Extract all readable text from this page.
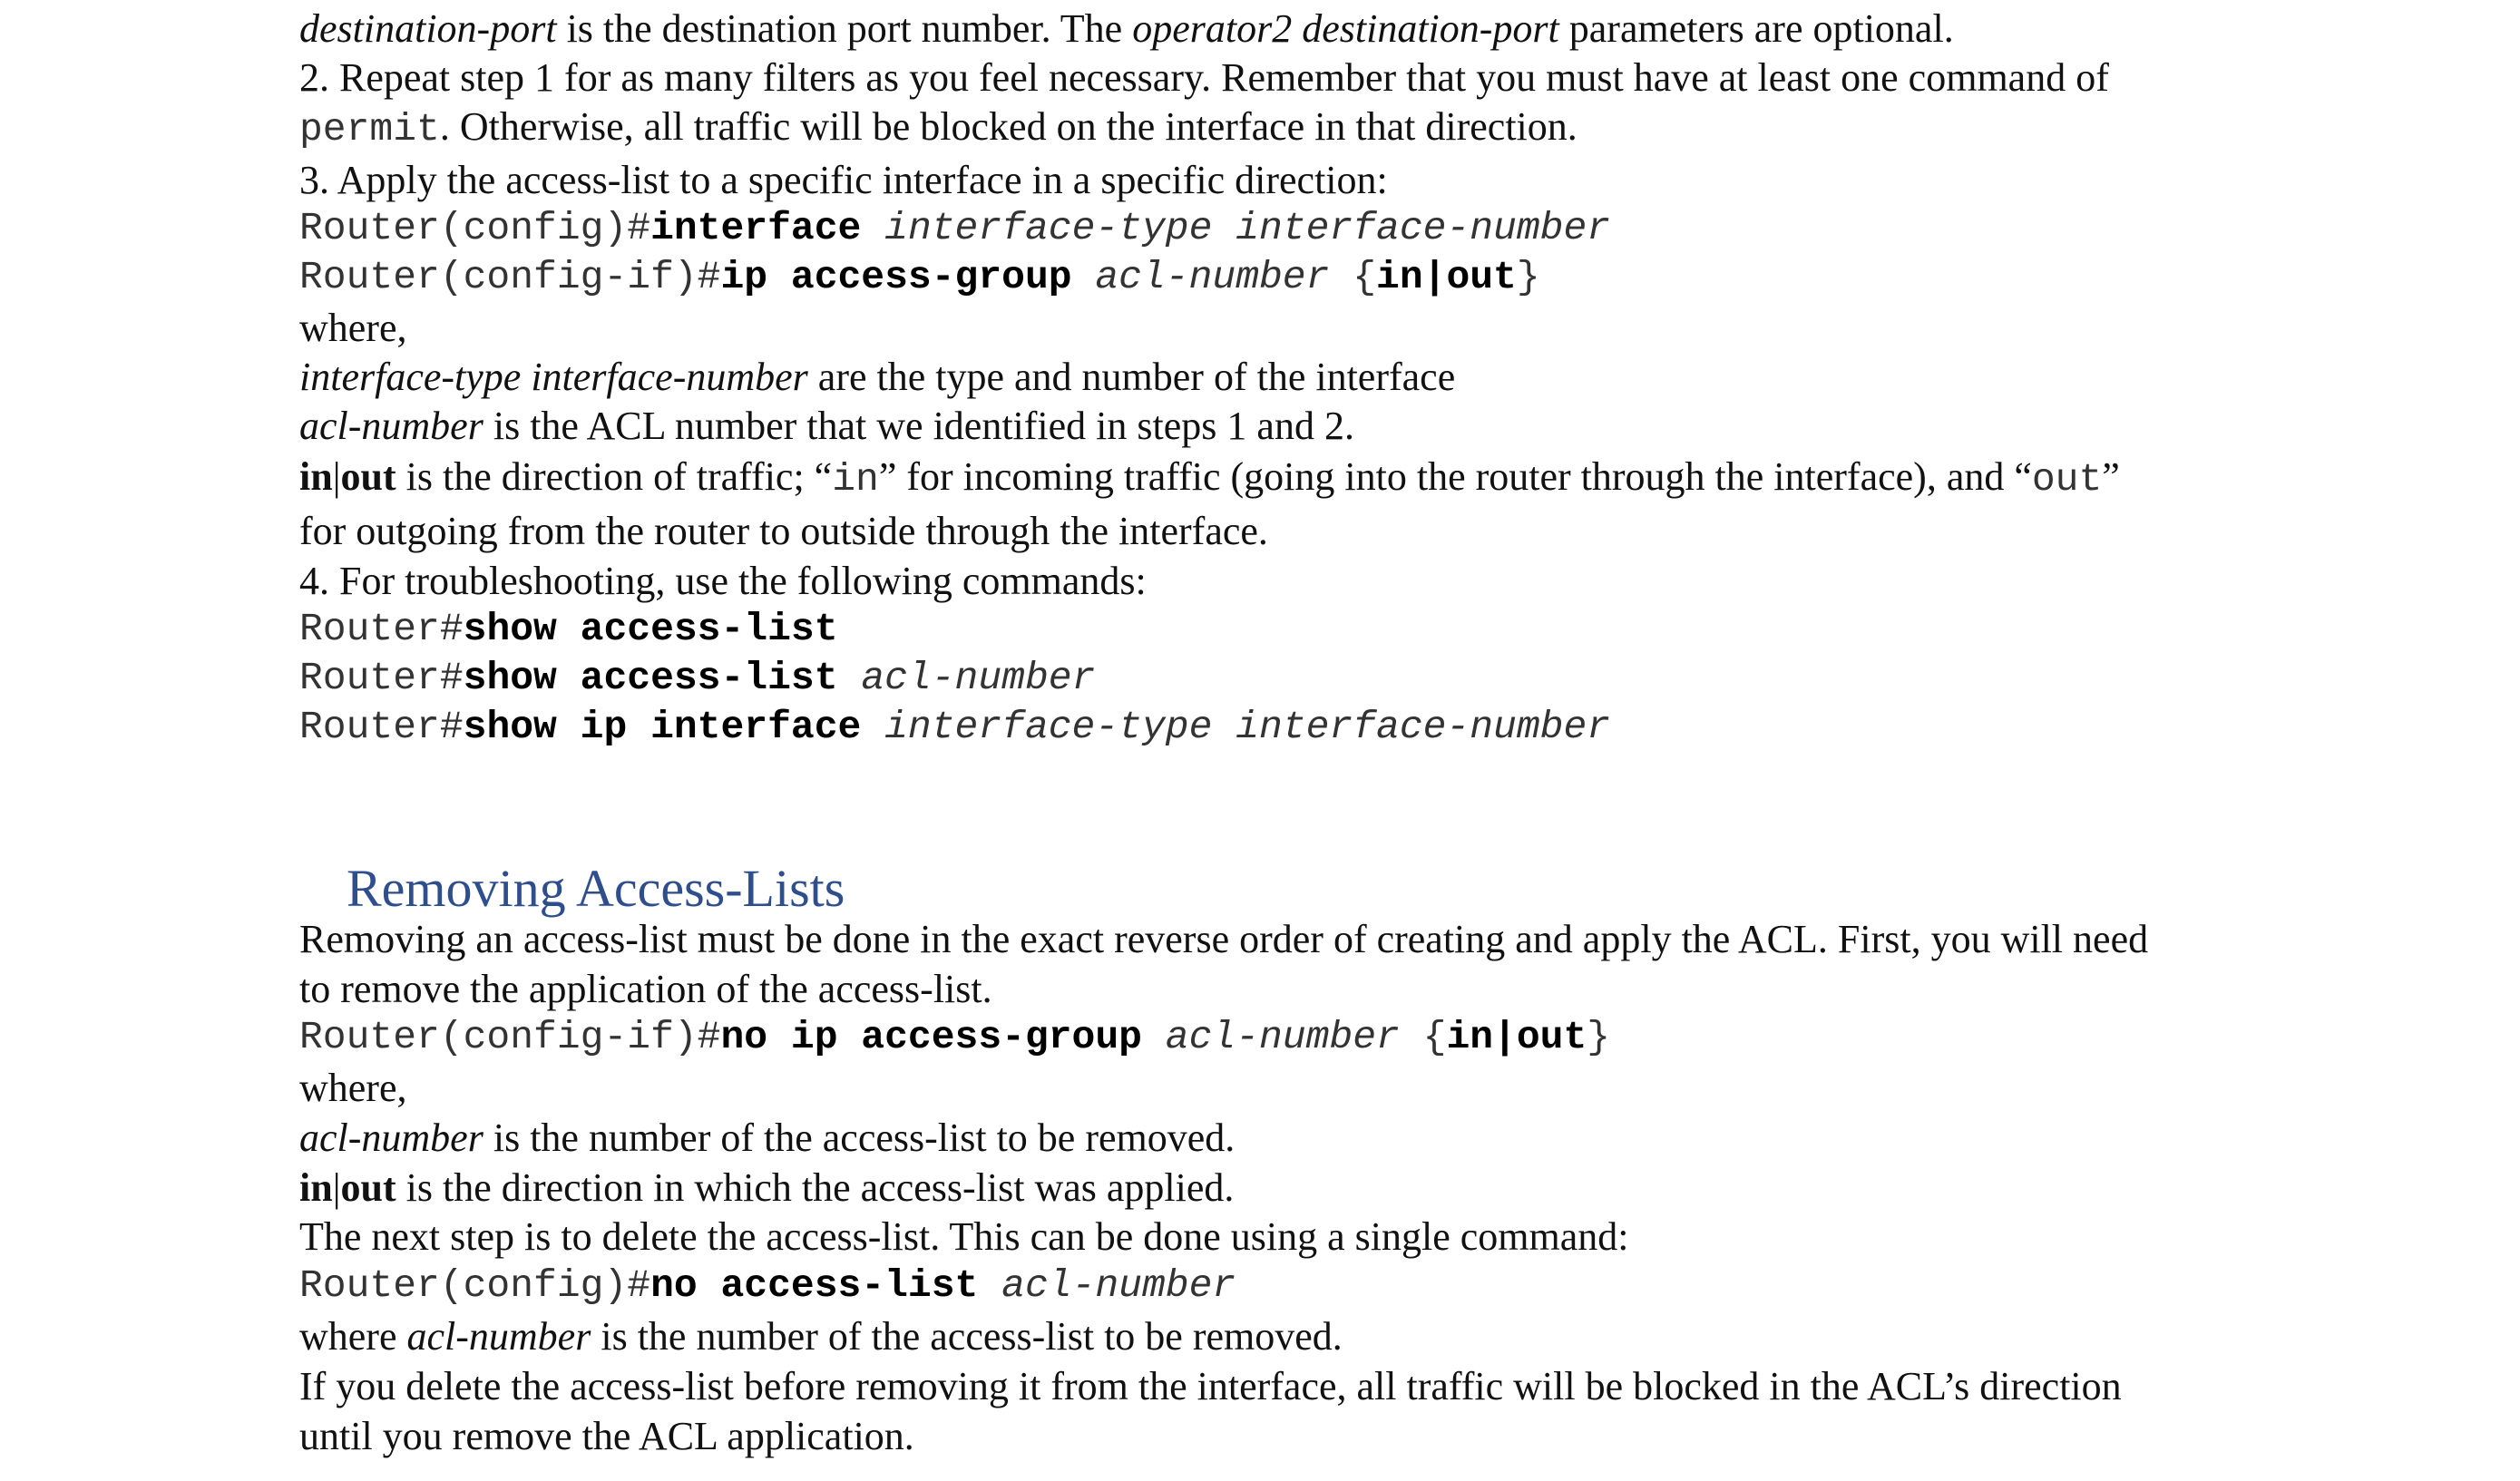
destination-port is the destination port number. The operator2 destination-port parameters are optional.
2. Repeat step 1 for as many filters as you feel necessary. Remember that you must have at least one command of
permit. Otherwise, all traffic will be blocked on the interface in that direction.
3. Apply the access-list to a specific interface in a specific direction:
Router(config)#interface interface-type interface-number
Router(config-if)#ip access-group acl-number {in|out}
where,
interface-type interface-number are the type and number of the interface
acl-number is the ACL number that we identified in steps 1 and 2.
in|out is the direction of traffic; “in” for incoming traffic (going into the router through the interface), and “out”
for outgoing from the router to outside through the interface.
4. For troubleshooting, use the following commands:
Router#show access-list
Router#show access-list acl-number
Router#show ip interface interface-type interface-number
Removing Access-Lists
Removing an access-list must be done in the exact reverse order of creating and apply the ACL. First, you will need
to remove the application of the access-list.
Router(config-if)#no ip access-group acl-number {in|out}
where,
acl-number is the number of the access-list to be removed.
in|out is the direction in which the access-list was applied.
The next step is to delete the access-list. This can be done using a single command:
Router(config)#no access-list acl-number
where acl-number is the number of the access-list to be removed.
If you delete the access-list before removing it from the interface, all traffic will be blocked in the ACL’s direction
until you remove the ACL application.
